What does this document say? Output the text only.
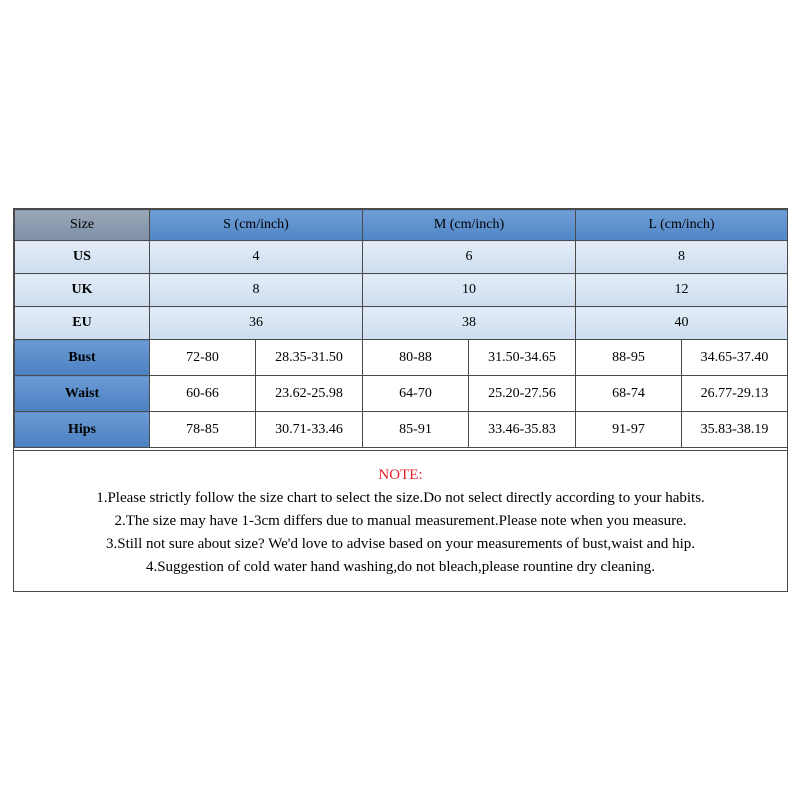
Size	S (cm/inch)		M (cm/inch)		L (cm/inch)	
US	4		6		8	
UK	8		10		12	
EU	36		38		40	
Bust	72-80	28.35-31.50	80-88	31.50-34.65	88-95	34.65-37.40
Waist	60-66	23.62-25.98	64-70	25.20-27.56	68-74	26.77-29.13
Hips	78-85	30.71-33.46	85-91	33.46-35.83	91-97	35.83-38.19
NOTE:
1.Please strictly follow the size chart to select the size.Do not select directly according to your habits.
2.The size may have 1-3cm differs due to manual measurement.Please note when you measure.
3.Still not sure about size? We'd love to advise based on your measurements of bust,waist and hip.
4.Suggestion of cold water hand washing,do not bleach,please rountine dry cleaning.
